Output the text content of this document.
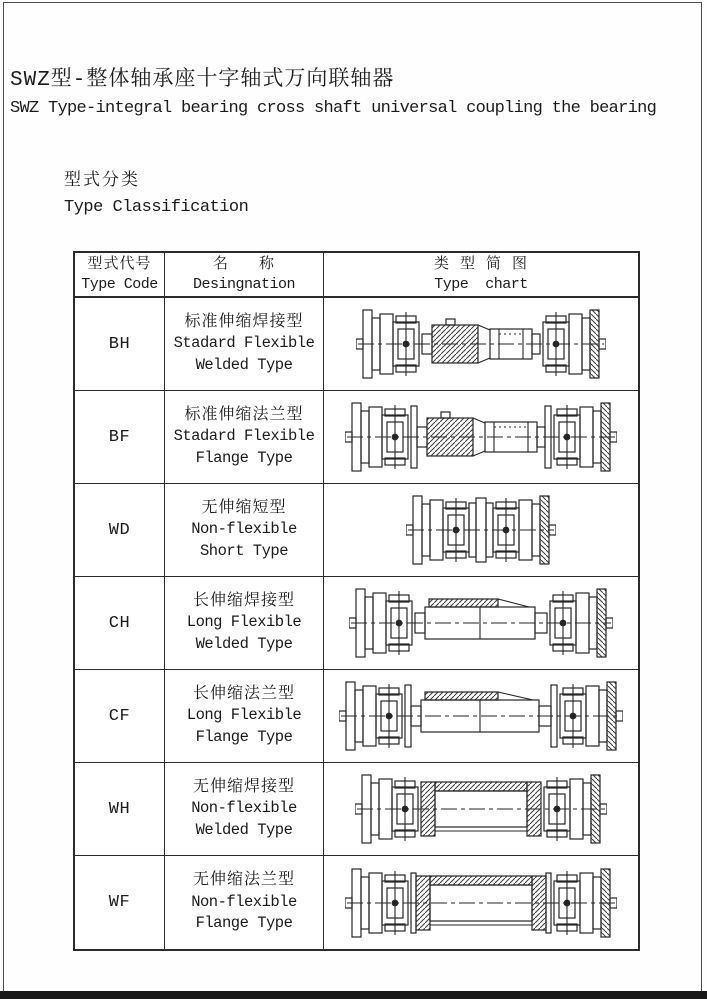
SWZ型-整体轴承座十字轴式万向联轴器
SWZ Type-integral bearing cross shaft universal coupling the bearing
型式分类
Type Classification
型式代号
Type Code
名   称
Desingnation
类 型 简 图
Type  chart
BH
标准伸缩焊接型
Stadard Flexible
Welded Type
BF
标准伸缩法兰型
Stadard Flexible
Flange Type
WD
无伸缩短型
Non-flexible
Short Type
CH
长伸缩焊接型
Long Flexible
Welded Type
CF
长伸缩法兰型
Long Flexible
Flange Type
WH
无伸缩焊接型
Non-flexible
Welded Type
WF
无伸缩法兰型
Non-flexible
Flange Type
